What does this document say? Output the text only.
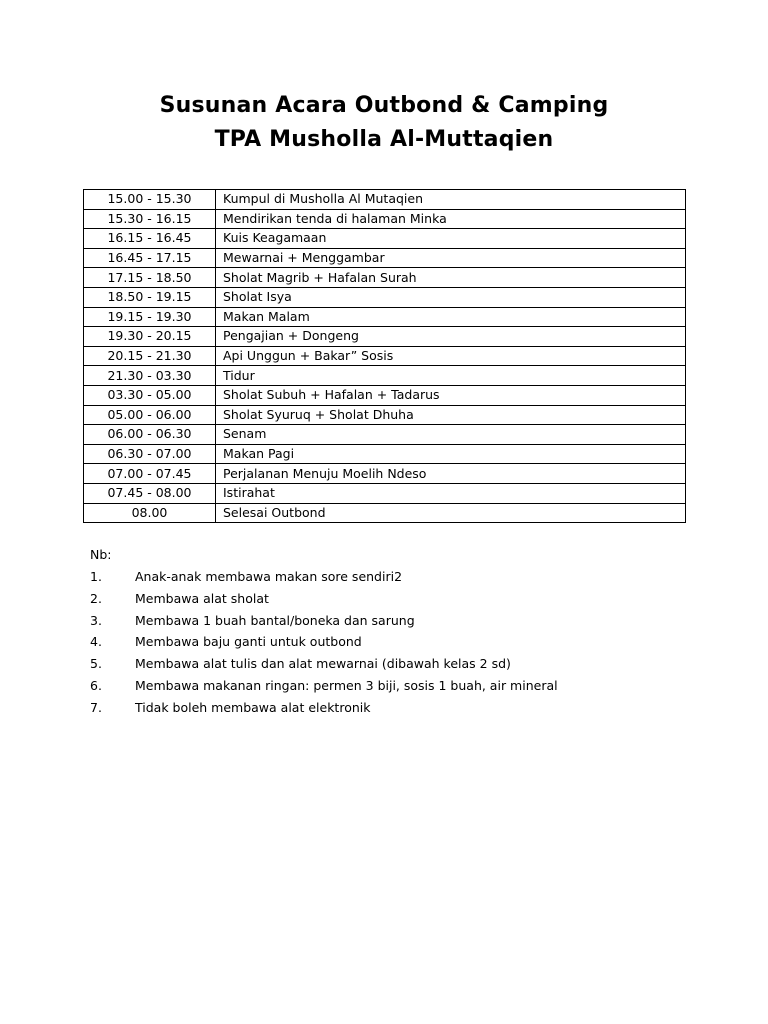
Susunan Acara Outbond & Camping
TPA Musholla Al-Muttaqien
15.00 - 15.30	Kumpul di Musholla Al Mutaqien
15.30 - 16.15	Mendirikan tenda di halaman Minka
16.15 - 16.45	Kuis Keagamaan
16.45 - 17.15	Mewarnai + Menggambar
17.15 - 18.50	Sholat Magrib + Hafalan Surah
18.50 - 19.15	Sholat Isya
19.15 - 19.30	Makan Malam
19.30 - 20.15	Pengajian + Dongeng
20.15 - 21.30	Api Unggun + Bakar” Sosis
21.30 - 03.30	Tidur
03.30 - 05.00	Sholat Subuh + Hafalan + Tadarus
05.00 - 06.00	Sholat Syuruq + Sholat Dhuha
06.00 - 06.30	Senam
06.30 - 07.00	Makan Pagi
07.00 - 07.45	Perjalanan Menuju Moelih Ndeso
07.45 - 08.00	Istirahat
08.00	Selesai Outbond
Nb:
1.	Anak-anak membawa makan sore sendiri2
2.	Membawa alat sholat
3.	Membawa 1 buah bantal/boneka dan sarung
4.	Membawa baju ganti untuk outbond
5.	Membawa alat tulis dan alat mewarnai (dibawah kelas 2 sd)
6.	Membawa makanan ringan: permen 3 biji, sosis 1 buah, air mineral
7.	Tidak boleh membawa alat elektronik
